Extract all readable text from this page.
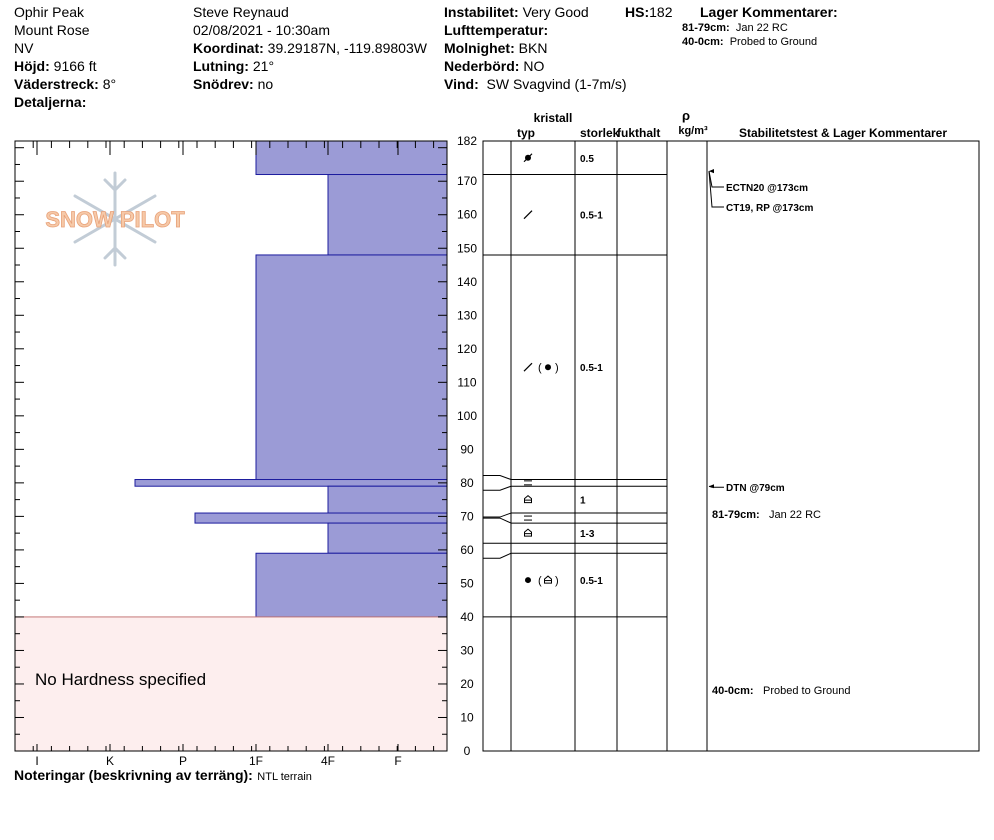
Ophir Peak
Mount Rose
NV
Höjd: 9166 ft
Väderstreck: 8°
Detaljerna:
Steve Reynaud
02/08/2021 - 10:30am
Koordinat: 39.29187N, -119.89803W
Lutning: 21°
Snödrev: no
Instabilitet: Very Good	HS:182
Lufttemperatur:
Molnighet: BKN
Nederbörd: NO
Vind: SW Svagvind (1-7m/s)
Lager Kommentarer:
81-79cm: Jan 22 RC
40-0cm: Probed to Ground
SNOW PILOT
I	K	P	1F	4F	F
0
10
20
30
40
50
60
70
80
90
100
110
120
130
140
150
160
170
182
0.5
0.5-1
( ) 0.5-1
1
1-3
( ) 0.5-1
ECTN20 @173cm
CT19, RP @173cm
DTN @79cm
81-79cm: Jan 22 RC
40-0cm: Probed to Ground
kristall
typ	storlek
fukthalt
ρ
kg/m³	Stabilitetstest & Lager Kommentarer
No Hardness specified
Noteringar (beskrivning av terräng): NTL terrain
